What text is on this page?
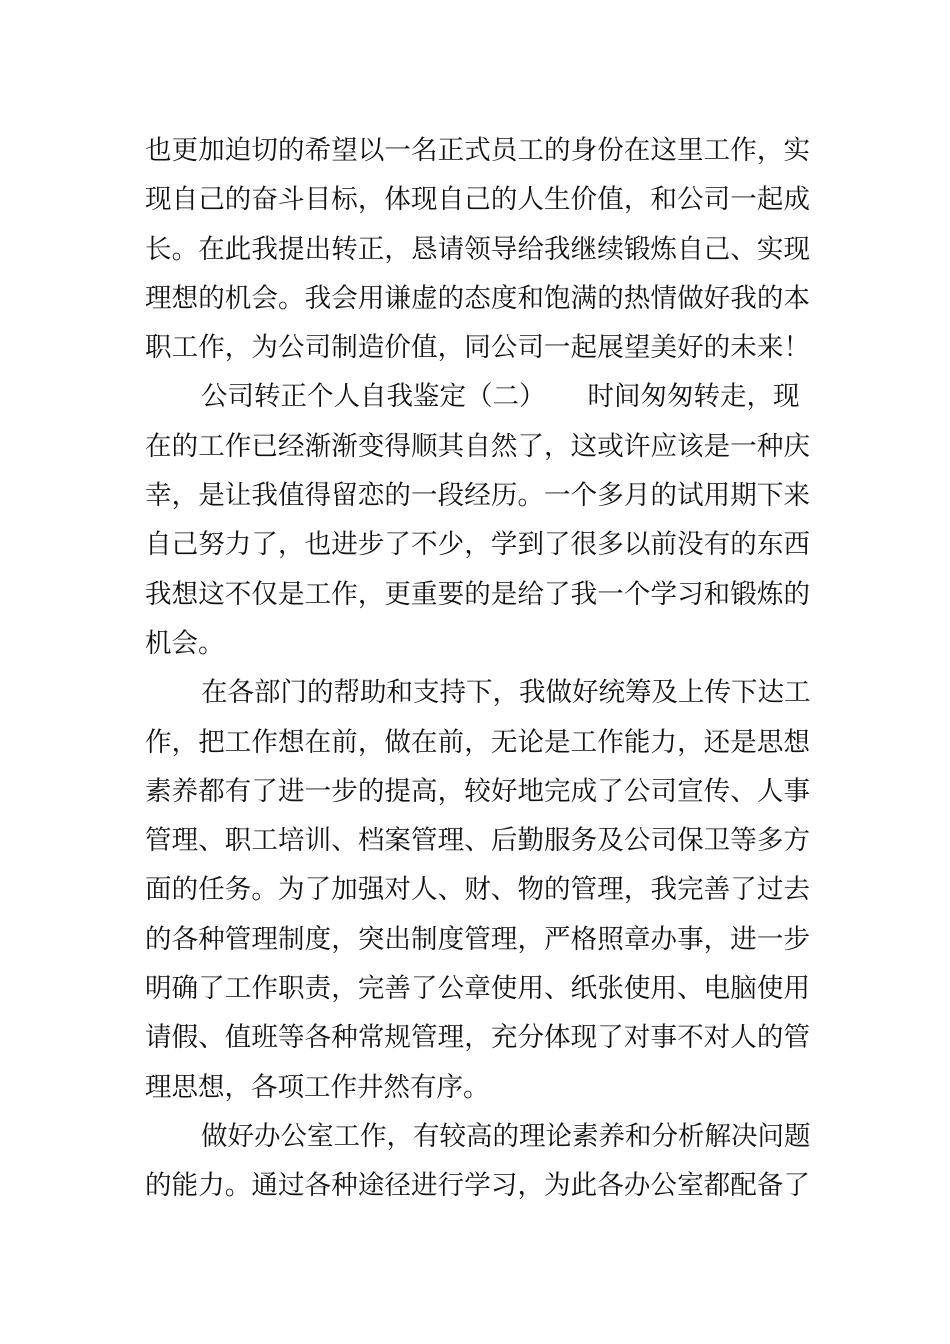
也更加迫切的希望以一名正式员工的身份在这里工作，实
现自己的奋斗目标，体现自己的人生价值，和公司一起成
长。在此我提出转正，恳请领导给我继续锻炼自己、实现
理想的机会。我会用谦虚的态度和饱满的热情做好我的本
职工作，为公司制造价值，同公司一起展望美好的未来！
公司转正个人自我鉴定（二） 时间匆匆转走，现
在的工作已经渐渐变得顺其自然了，这或许应该是一种庆
幸，是让我值得留恋的一段经历。一个多月的试用期下来
自己努力了，也进步了不少，学到了很多以前没有的东西
我想这不仅是工作，更重要的是给了我一个学习和锻炼的
机会。
在各部门的帮助和支持下，我做好统筹及上传下达工
作，把工作想在前，做在前，无论是工作能力，还是思想
素养都有了进一步的提高，较好地完成了公司宣传、人事
管理、职工培训、档案管理、后勤服务及公司保卫等多方
面的任务。为了加强对人、财、物的管理，我完善了过去
的各种管理制度，突出制度管理，严格照章办事，进一步
明确了工作职责，完善了公章使用、纸张使用、电脑使用
请假、值班等各种常规管理，充分体现了对事不对人的管
理思想，各项工作井然有序。
做好办公室工作，有较高的理论素养和分析解决问题
的能力。通过各种途径进行学习，为此各办公室都配备了
